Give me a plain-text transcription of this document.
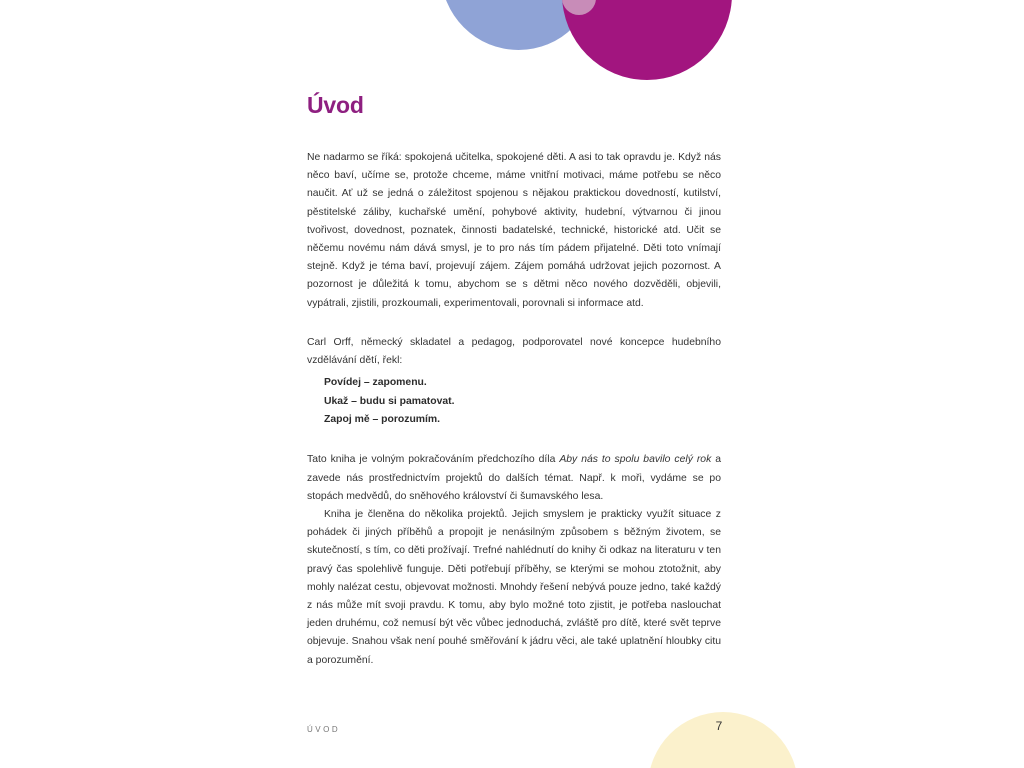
Úvod

Ne nadarmo se říká: spokojená učitelka, spokojené děti. A asi to tak opravdu je. Když nás něco baví, učíme se, protože chceme, máme vnitřní motivaci, máme potřebu se něco naučit. Ať už se jedná o záležitost spojenou s nějakou praktickou dovedností, kutilství, pěstitelské záliby, kuchařské umění, pohybové aktivity, hudební, výtvarnou či jinou tvořivost, dovednost, poznatek, činnosti badatelské, technické, historické atd. Učit se něčemu novému nám dává smysl, je to pro nás tím pádem přijatelné. Děti toto vnímají stejně. Když je téma baví, projevují zájem. Zájem pomáhá udržovat jejich pozornost. A pozornost je důležitá k tomu, abychom se s dětmi něco nového dozvěděli, objevili, vypátrali, zjistili, prozkoumali, experimentovali, porovnali si informace atd.

Carl Orff, německý skladatel a pedagog, podporovatel nové koncepce hudebního vzdělávání dětí, řekl:

Povídej – zapomenu.
Ukaž – budu si pamatovat.
Zapoj mě – porozumím.

Tato kniha je volným pokračováním předchozího díla Aby nás to spolu bavilo celý rok a zavede nás prostřednictvím projektů do dalších témat. Např. k moři, vydáme se po stopách medvědů, do sněhového království či šumavského lesa.

Kniha je členěna do několika projektů. Jejich smyslem je prakticky využít situace z pohádek či jiných příběhů a propojit je nenásilným způsobem s běžným životem, se skutečností, s tím, co děti prožívají. Trefné nahlédnutí do knihy či odkaz na literaturu v ten pravý čas spolehlivě funguje. Děti potřebují příběhy, se kterými se mohou ztotožnit, aby mohly nalézat cestu, objevovat možnosti. Mnohdy řešení nebývá pouze jedno, také každý z nás může mít svoji pravdu. K tomu, aby bylo možné toto zjistit, je potřeba naslouchat jeden druhému, což nemusí být věc vůbec jednoduchá, zvláště pro dítě, které svět teprve objevuje. Snahou však není pouhé směřování k jádru věci, ale také uplatnění hloubky citu a porozumění.

ÚVOD	7
